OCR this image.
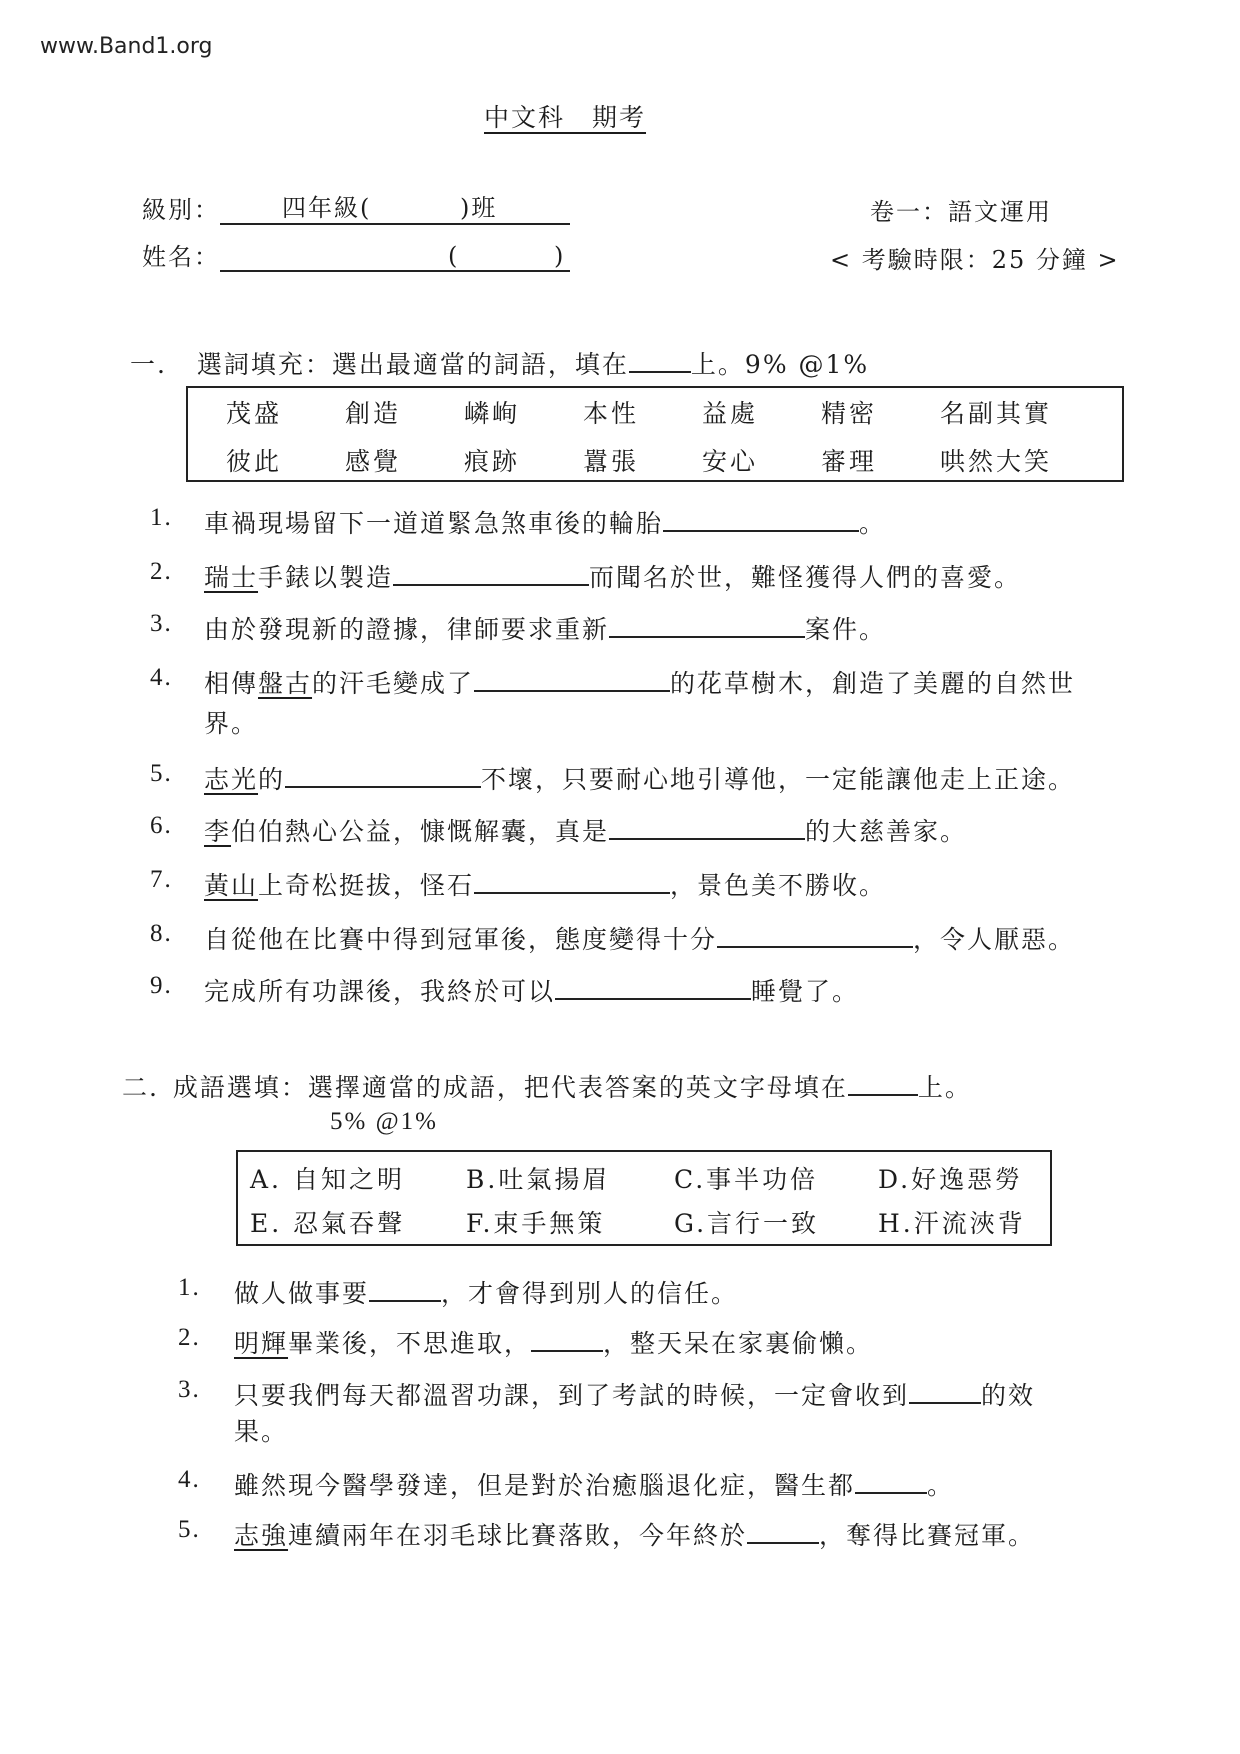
www.Band1.org
中文科　期考
級別：	四年級(	)班
姓名：	(	)
卷一：語文運用
< 考驗時限：25 分鐘 >
一. 選詞填充：選出最適當的詞語，填在 上。9% @1%
茂盛	創造	嶙峋	本性	益處	精密	名副其實
彼此	感覺	痕跡	囂張	安心	審理	哄然大笑
1. 車禍現場留下一道道緊急煞車後的輪胎	。
2. 瑞士手錶以製造	而聞名於世，難怪獲得人們的喜愛。
3. 由於發現新的證據，律師要求重新	案件。
4. 相傳盤古的汗毛變成了	的花草樹木，創造了美麗的自然世
界。
5. 志光的	不壞，只要耐心地引導他，一定能讓他走上正途。
6. 李伯伯熱心公益，慷慨解囊，真是	的大慈善家。
7. 黃山上奇松挺拔，怪石	，景色美不勝收。
8. 自從他在比賽中得到冠軍後，態度變得十分	，令人厭惡。
9. 完成所有功課後，我終於可以	睡覺了。
二. 成語選填：選擇適當的成語，把代表答案的英文字母填在	上。
5% @1%
A. 自知之明 B.吐氣揚眉	C.事半功倍 D.好逸惡勞
E. 忍氣吞聲 F.束手無策	G.言行一致 H.汗流浹背
1. 做人做事要	，才會得到別人的信任。
2. 明輝畢業後，不思進取，	，整天呆在家裏偷懶。
3. 只要我們每天都溫習功課，到了考試的時候，一定會收到	的效
果。
4. 雖然現今醫學發達，但是對於治癒腦退化症，醫生都	。
5. 志強連續兩年在羽毛球比賽落敗，今年終於	，奪得比賽冠軍。
